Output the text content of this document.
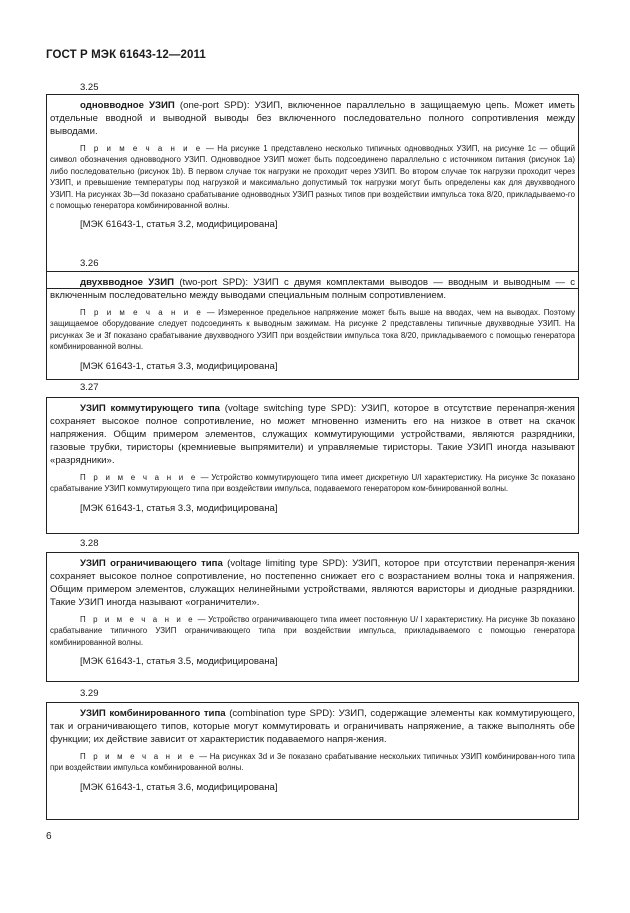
ГОСТ Р МЭК 61643-12—2011
3.25

одновводное УЗИП (one-port SPD): УЗИП, включенное параллельно в защищаемую цепь. Может иметь отдельные вводной и выводной выводы без включенного последовательно полного сопротивления между выводами.

П р и м е ч а н и е — На рисунке 1 представлено несколько типичных одновводных УЗИП, на рисунке 1c — общий символ обозначения одновводного УЗИП. Одновводное УЗИП может быть подсоединено параллельно с источником питания (рисунок 1a) либо последовательно (рисунок 1b). В первом случае ток нагрузки не проходит через УЗИП. Во втором случае ток нагрузки проходит через УЗИП, и превышение температуры под нагрузкой и максимально допустимый ток нагрузки могут быть определены как для двухвводного УЗИП. На рисунках 3b—3d показано срабатывание одновводных УЗИП разных типов при воздействии импульса тока 8/20, прикладываемо-го с помощью генератора комбинированной волны.

[МЭК 61643-1, статья 3.2, модифицирована]

3.26

двухвводное УЗИП (two-port SPD): УЗИП с двумя комплектами выводов — вводным и выводным — с включенным последовательно между выводами специальным полным сопротивлением.

П р и м е ч а н и е — Измеренное предельное напряжение может быть выше на вводах, чем на выводах. Поэтому защищаемое оборудование следует подсоединять к выводным зажимам. На рисунке 2 представлены типичные двухвводные УЗИП. На рисунках 3e и 3f показано срабатывание двухвводного УЗИП при воздействии импульса тока 8/20, прикладываемого с помощью генератора комбинированной волны.

[МЭК 61643-1, статья 3.3, модифицирована]

3.27

УЗИП коммутирующего типа (voltage switching type SPD): УЗИП, которое в отсутствие перенапря-жения сохраняет высокое полное сопротивление, но может мгновенно изменить его на низкое в ответ на скачок напряжения. Общим примером элементов, служащих коммутирующими устройствами, являются разрядники, газовые трубки, тиристоры (кремниевые выпрямители) и управляемые тиристоры. Такие УЗИП иногда называют «разрядники».

П р и м е ч а н и е — Устройство коммутирующего типа имеет дискретную U/I характеристику. На рисунке 3c показано срабатывание УЗИП коммутирующего типа при воздействии импульса, подаваемого генератором ком-бинированной волны.

[МЭК 61643-1, статья 3.3, модифицирована]

3.28

УЗИП ограничивающего типа (voltage limiting type SPD): УЗИП, которое при отсутствии перенапря-жения сохраняет высокое полное сопротивление, но постепенно снижает его с возрастанием волны тока и напряжения. Общим примером элементов, служащих нелинейными устройствами, являются варисторы и диодные разрядники. Такие УЗИП иногда называют «ограничители».

П р и м е ч а н и е — Устройство ограничивающего типа имеет постоянную U/ I характеристику. На рисунке 3b показано срабатывание типичного УЗИП ограничивающего типа при воздействии импульса, прикладываемого с помощью генератора комбинированной волны.

[МЭК 61643-1, статья 3.5, модифицирована]

3.29

УЗИП комбинированного типа (combination type SPD): УЗИП, содержащие элементы как коммутирующего, так и ограничивающего типов, которые могут коммутировать и ограничивать напряжение, а также выполнять обе функции; их действие зависит от характеристик подаваемого напря-жения.

П р и м е ч а н и е — На рисунках 3d и 3e показано срабатывание нескольких типичных УЗИП комбинирован-ного типа при воздействии импульса комбинированной волны.

[МЭК 61643-1, статья 3.6, модифицирована]

6
